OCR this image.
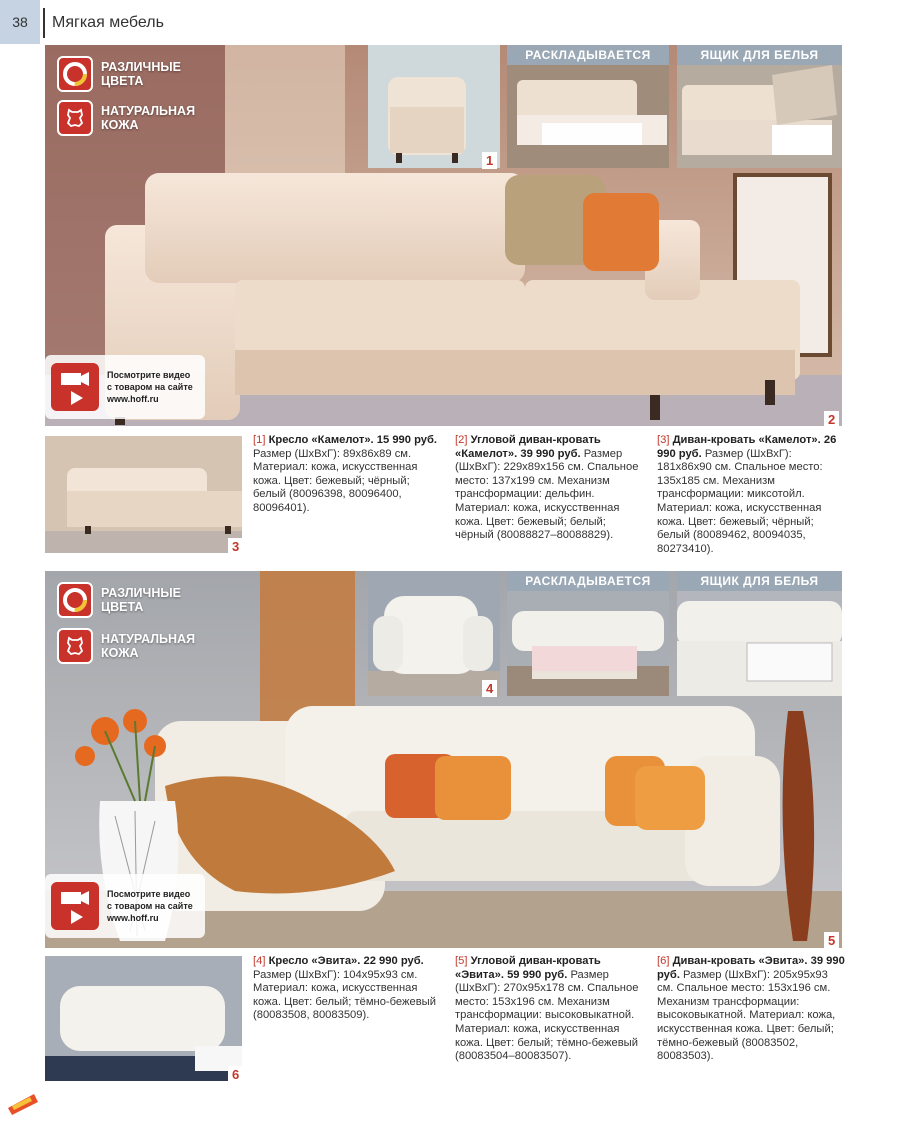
38	Мягкая мебель
РАЗЛИЧНЫЕ ЦВЕТА
НАТУРАЛЬНАЯ КОЖА
Посмотрите видео
с товаром на сайте
www.hoff.ru
2
1
РАСКЛАДЫВАЕТСЯ	ЯЩИК ДЛЯ БЕЛЬЯ
3
[1] Кресло «Камелот». 15 990 руб. Размер (ШхВхГ): 89х86х89 см. Материал: кожа, искусственная кожа. Цвет: бежевый; чёрный; белый (80096398, 80096400, 80096401).
[2] Угловой диван-кровать «Камелот». 39 990 руб. Размер (ШхВхГ): 229х89х156 см. Спальное место: 137х199 см. Механизм трансформации: дельфин. Материал: кожа, искусственная кожа. Цвет: бежевый; белый; чёрный (80088827–80088829).
[3] Диван-кровать «Камелот». 26 990 руб. Размер (ШхВхГ): 181х86х90 см. Спальное место: 135х185 см. Механизм трансформации: миксотойл. Материал: кожа, искусственная кожа. Цвет: бежевый; чёрный; белый (80089462, 80094035, 80273410).
РАЗЛИЧНЫЕ ЦВЕТА
НАТУРАЛЬНАЯ КОЖА
Посмотрите видео
с товаром на сайте
www.hoff.ru
5
4
РАСКЛАДЫВАЕТСЯ	ЯЩИК ДЛЯ БЕЛЬЯ
6
[4] Кресло «Эвита». 22 990 руб. Размер (ШхВхГ): 104х95х93 см. Материал: кожа, искусственная кожа. Цвет: белый; тёмно-бежевый (80083508, 80083509).
[5] Угловой диван-кровать «Эвита». 59 990 руб. Размер (ШхВхГ): 270х95х178 см. Спальное место: 153х196 см. Механизм трансформации: высоковыкатной. Материал: кожа, искусственная кожа. Цвет: белый; тёмно-бежевый (80083504–80083507).
[6] Диван-кровать «Эвита». 39 990 руб. Размер (ШхВхГ): 205х95х93 см. Спальное место: 153х196 см. Механизм трансформации: высоковыкатной. Материал: кожа, искусственная кожа. Цвет: белый; тёмно-бежевый (80083502, 80083503).
